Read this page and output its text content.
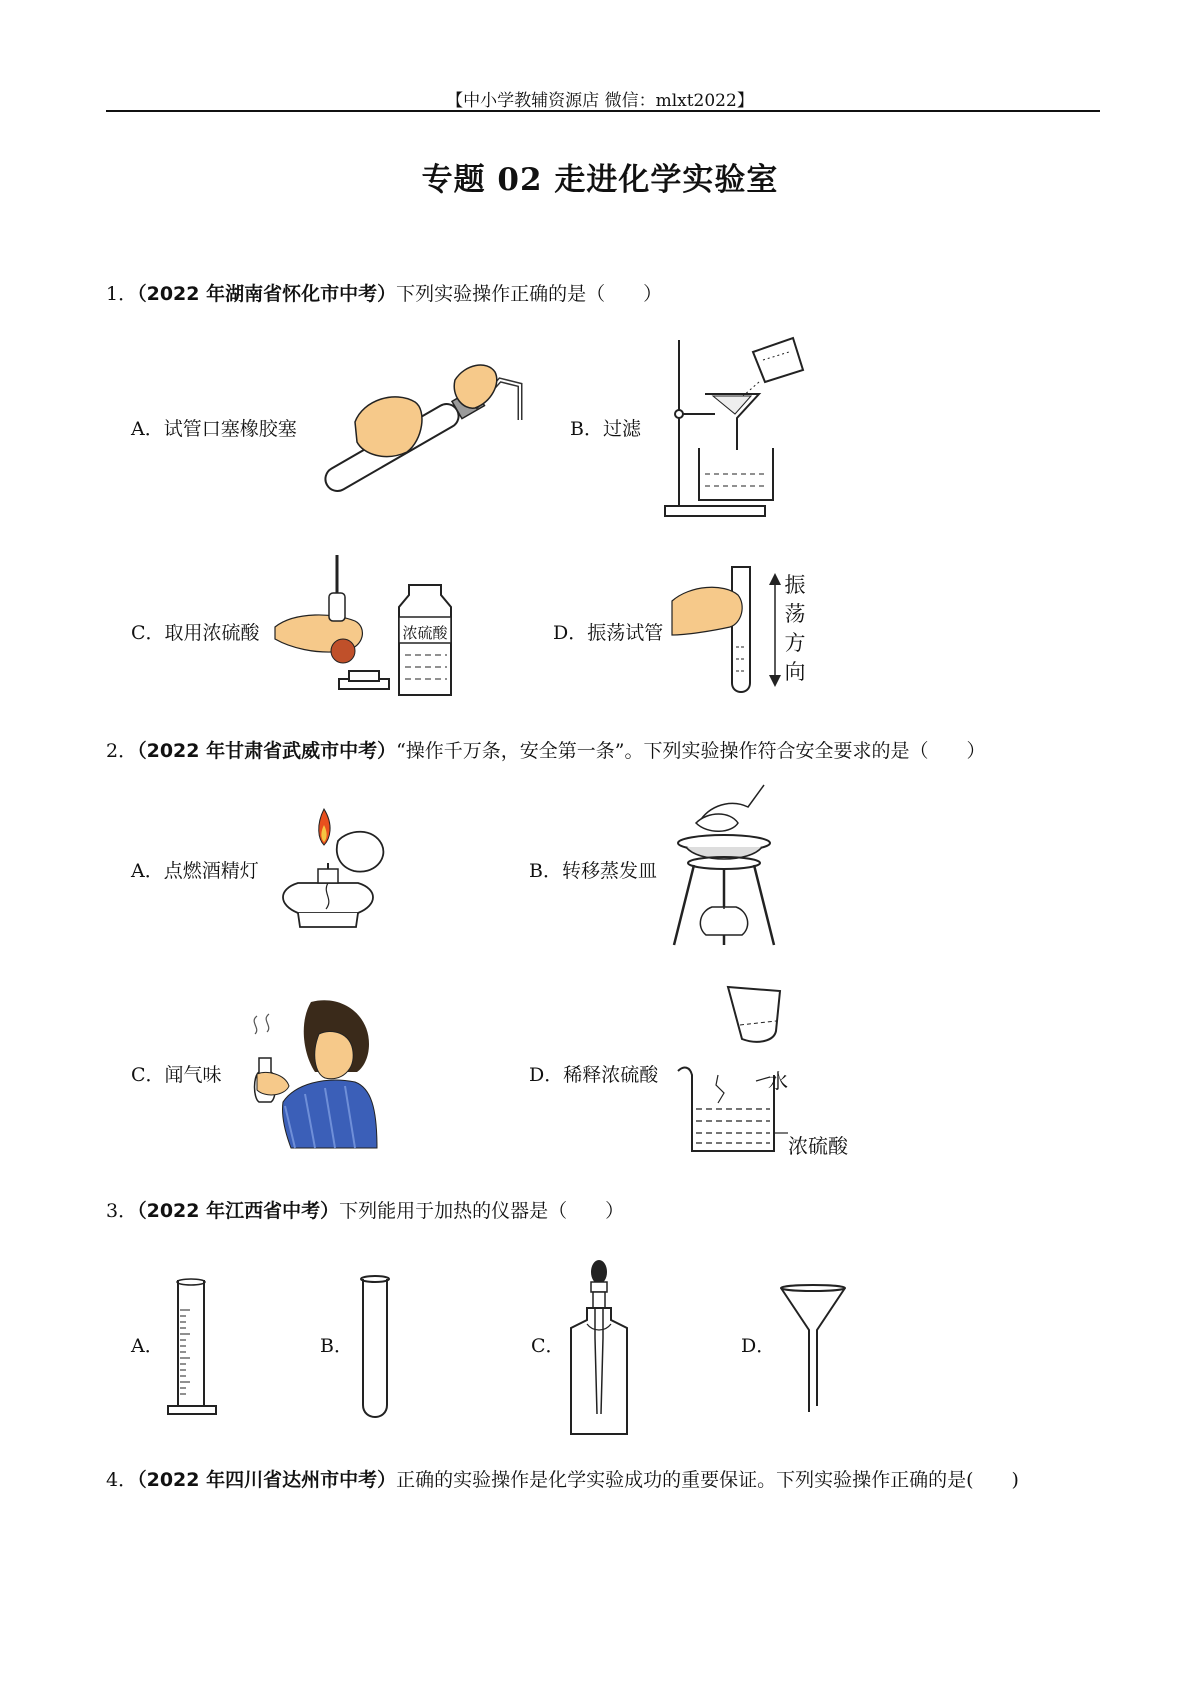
【中小学教辅资源店 微信：mlxt2022】
专题 02 走进化学实验室
1．（2022 年湖南省怀化市中考）下列实验操作正确的是（　　）
A．试管口塞橡胶塞	B．过滤
C．取用浓硫酸	浓硫酸	D．振荡试管
振
荡
方
向
2．（2022 年甘肃省武威市中考）“操作千万条，安全第一条”。下列实验操作符合安全要求的是（　　）
A．点燃酒精灯	B．转移蒸发皿
C．闻气味	D．稀释浓硫酸	水
浓硫酸
3．（2022 年江西省中考）下列能用于加热的仪器是（　　）
A．	B．	C．	D．
4．（2022 年四川省达州市中考）正确的实验操作是化学实验成功的重要保证。下列实验操作正确的是(　　)
